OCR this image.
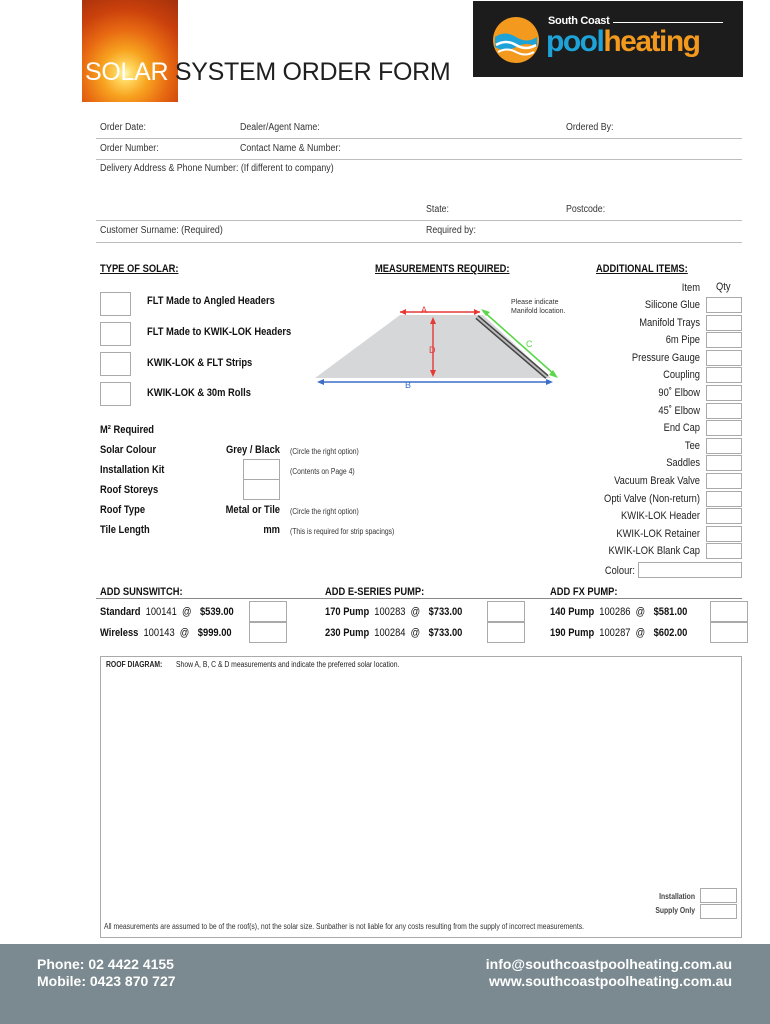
SOLAR SYSTEM ORDER FORM
South Coast
poolheating
Order Date:	Dealer/Agent Name:	Ordered By:
Order Number:	Contact Name & Number:
Delivery Address & Phone Number: (If different to company)
State:	Postcode:
Customer Surname: (Required)	Required by:
TYPE OF SOLAR:
FLT Made to Angled Headers
FLT Made to KWIK-LOK Headers
KWIK-LOK & FLT Strips
KWIK-LOK & 30m Rolls
MEASUREMENTS REQUIRED:
Please indicate
Manifold location.
A
D
B
C
M² Required
Solar Colour	Grey / Black (Circle the right option)
Installation Kit	(Contents on Page 4)
Roof Storeys
Roof Type	Metal or Tile (Circle the right option)
Tile Length	mm (This is required for strip spacings)
ADDITIONAL ITEMS:
Item Qty
Silicone Glue
Manifold Trays
6m Pipe
Pressure Gauge
Coupling
90˚ Elbow
45˚ Elbow
End Cap
Tee
Saddles
Vacuum Break Valve
Opti Valve (Non-return)
KWIK-LOK Header
KWIK-LOK Retainer
KWIK-LOK Blank Cap
Colour:
ADD SUNSWITCH:	ADD E-SERIES PUMP:	ADD FX PUMP:
Standard 100141 @ $539.00
Wireless 100143 @ $999.00
170 Pump 100283 @ $733.00
230 Pump 100284 @ $733.00
140 Pump 100286 @ $581.00
190 Pump 100287 @ $602.00
ROOF DIAGRAM: Show A, B, C & D measurements and indicate the preferred solar location.
Installation
Supply Only
All measurements are assumed to be of the roof(s), not the solar size. Sunbather is not liable for any costs resulting from the supply of incorrect measurements.
Phone: 02 4422 4155
Mobile: 0423 870 727
info@southcoastpoolheating.com.au
www.southcoastpoolheating.com.au
